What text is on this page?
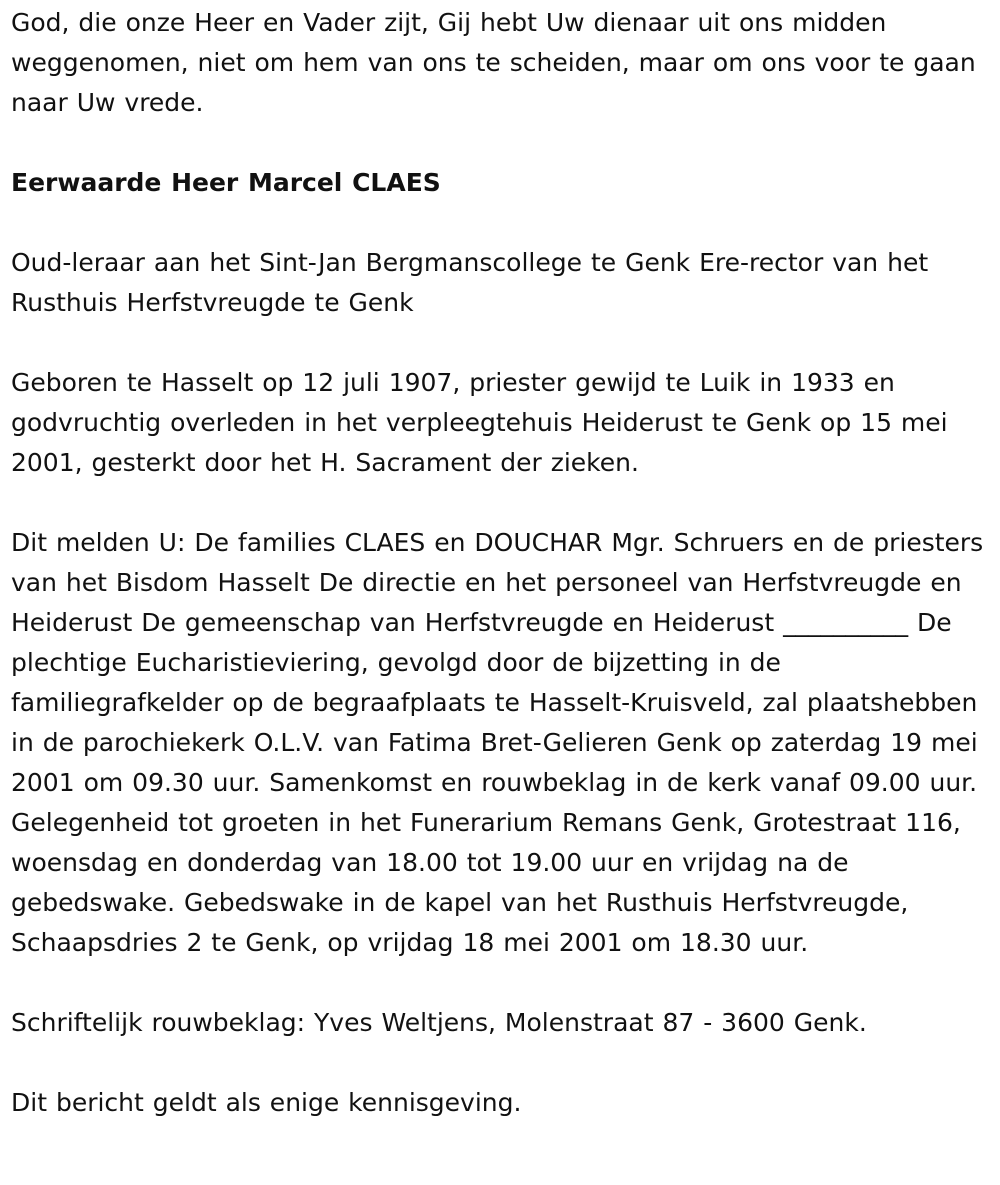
God, die onze Heer en Vader zijt, Gij hebt Uw dienaar uit ons midden weggenomen, niet om hem van ons te scheiden, maar om ons voor te gaan naar Uw vrede.

Eerwaarde Heer Marcel CLAES

Oud-leraar aan het Sint-Jan Bergmanscollege te Genk Ere-rector van het Rusthuis Herfstvreugde te Genk

Geboren te Hasselt op 12 juli 1907, priester gewijd te Luik in 1933 en godvruchtig overleden in het verpleegtehuis Heiderust te Genk op 15 mei 2001, gesterkt door het H. Sacrament der zieken.

Dit melden U: De families CLAES en DOUCHAR Mgr. Schruers en de priesters van het Bisdom Hasselt De directie en het personeel van Herfstvreugde en Heiderust De gemeenschap van Herfstvreugde en Heiderust __________ De plechtige Eucharistieviering, gevolgd door de bijzetting in de familiegrafkelder op de begraafplaats te Hasselt-Kruisveld, zal plaatshebben in de parochiekerk O.L.V. van Fatima Bret-Gelieren Genk op zaterdag 19 mei 2001 om 09.30 uur. Samenkomst en rouwbeklag in de kerk vanaf 09.00 uur. Gelegenheid tot groeten in het Funerarium Remans Genk, Grotestraat 116, woensdag en donderdag van 18.00 tot 19.00 uur en vrijdag na de gebedswake. Gebedswake in de kapel van het Rusthuis Herfstvreugde, Schaapsdries 2 te Genk, op vrijdag 18 mei 2001 om 18.30 uur.

Schriftelijk rouwbeklag: Yves Weltjens, Molenstraat 87 - 3600 Genk.

Dit bericht geldt als enige kennisgeving.
